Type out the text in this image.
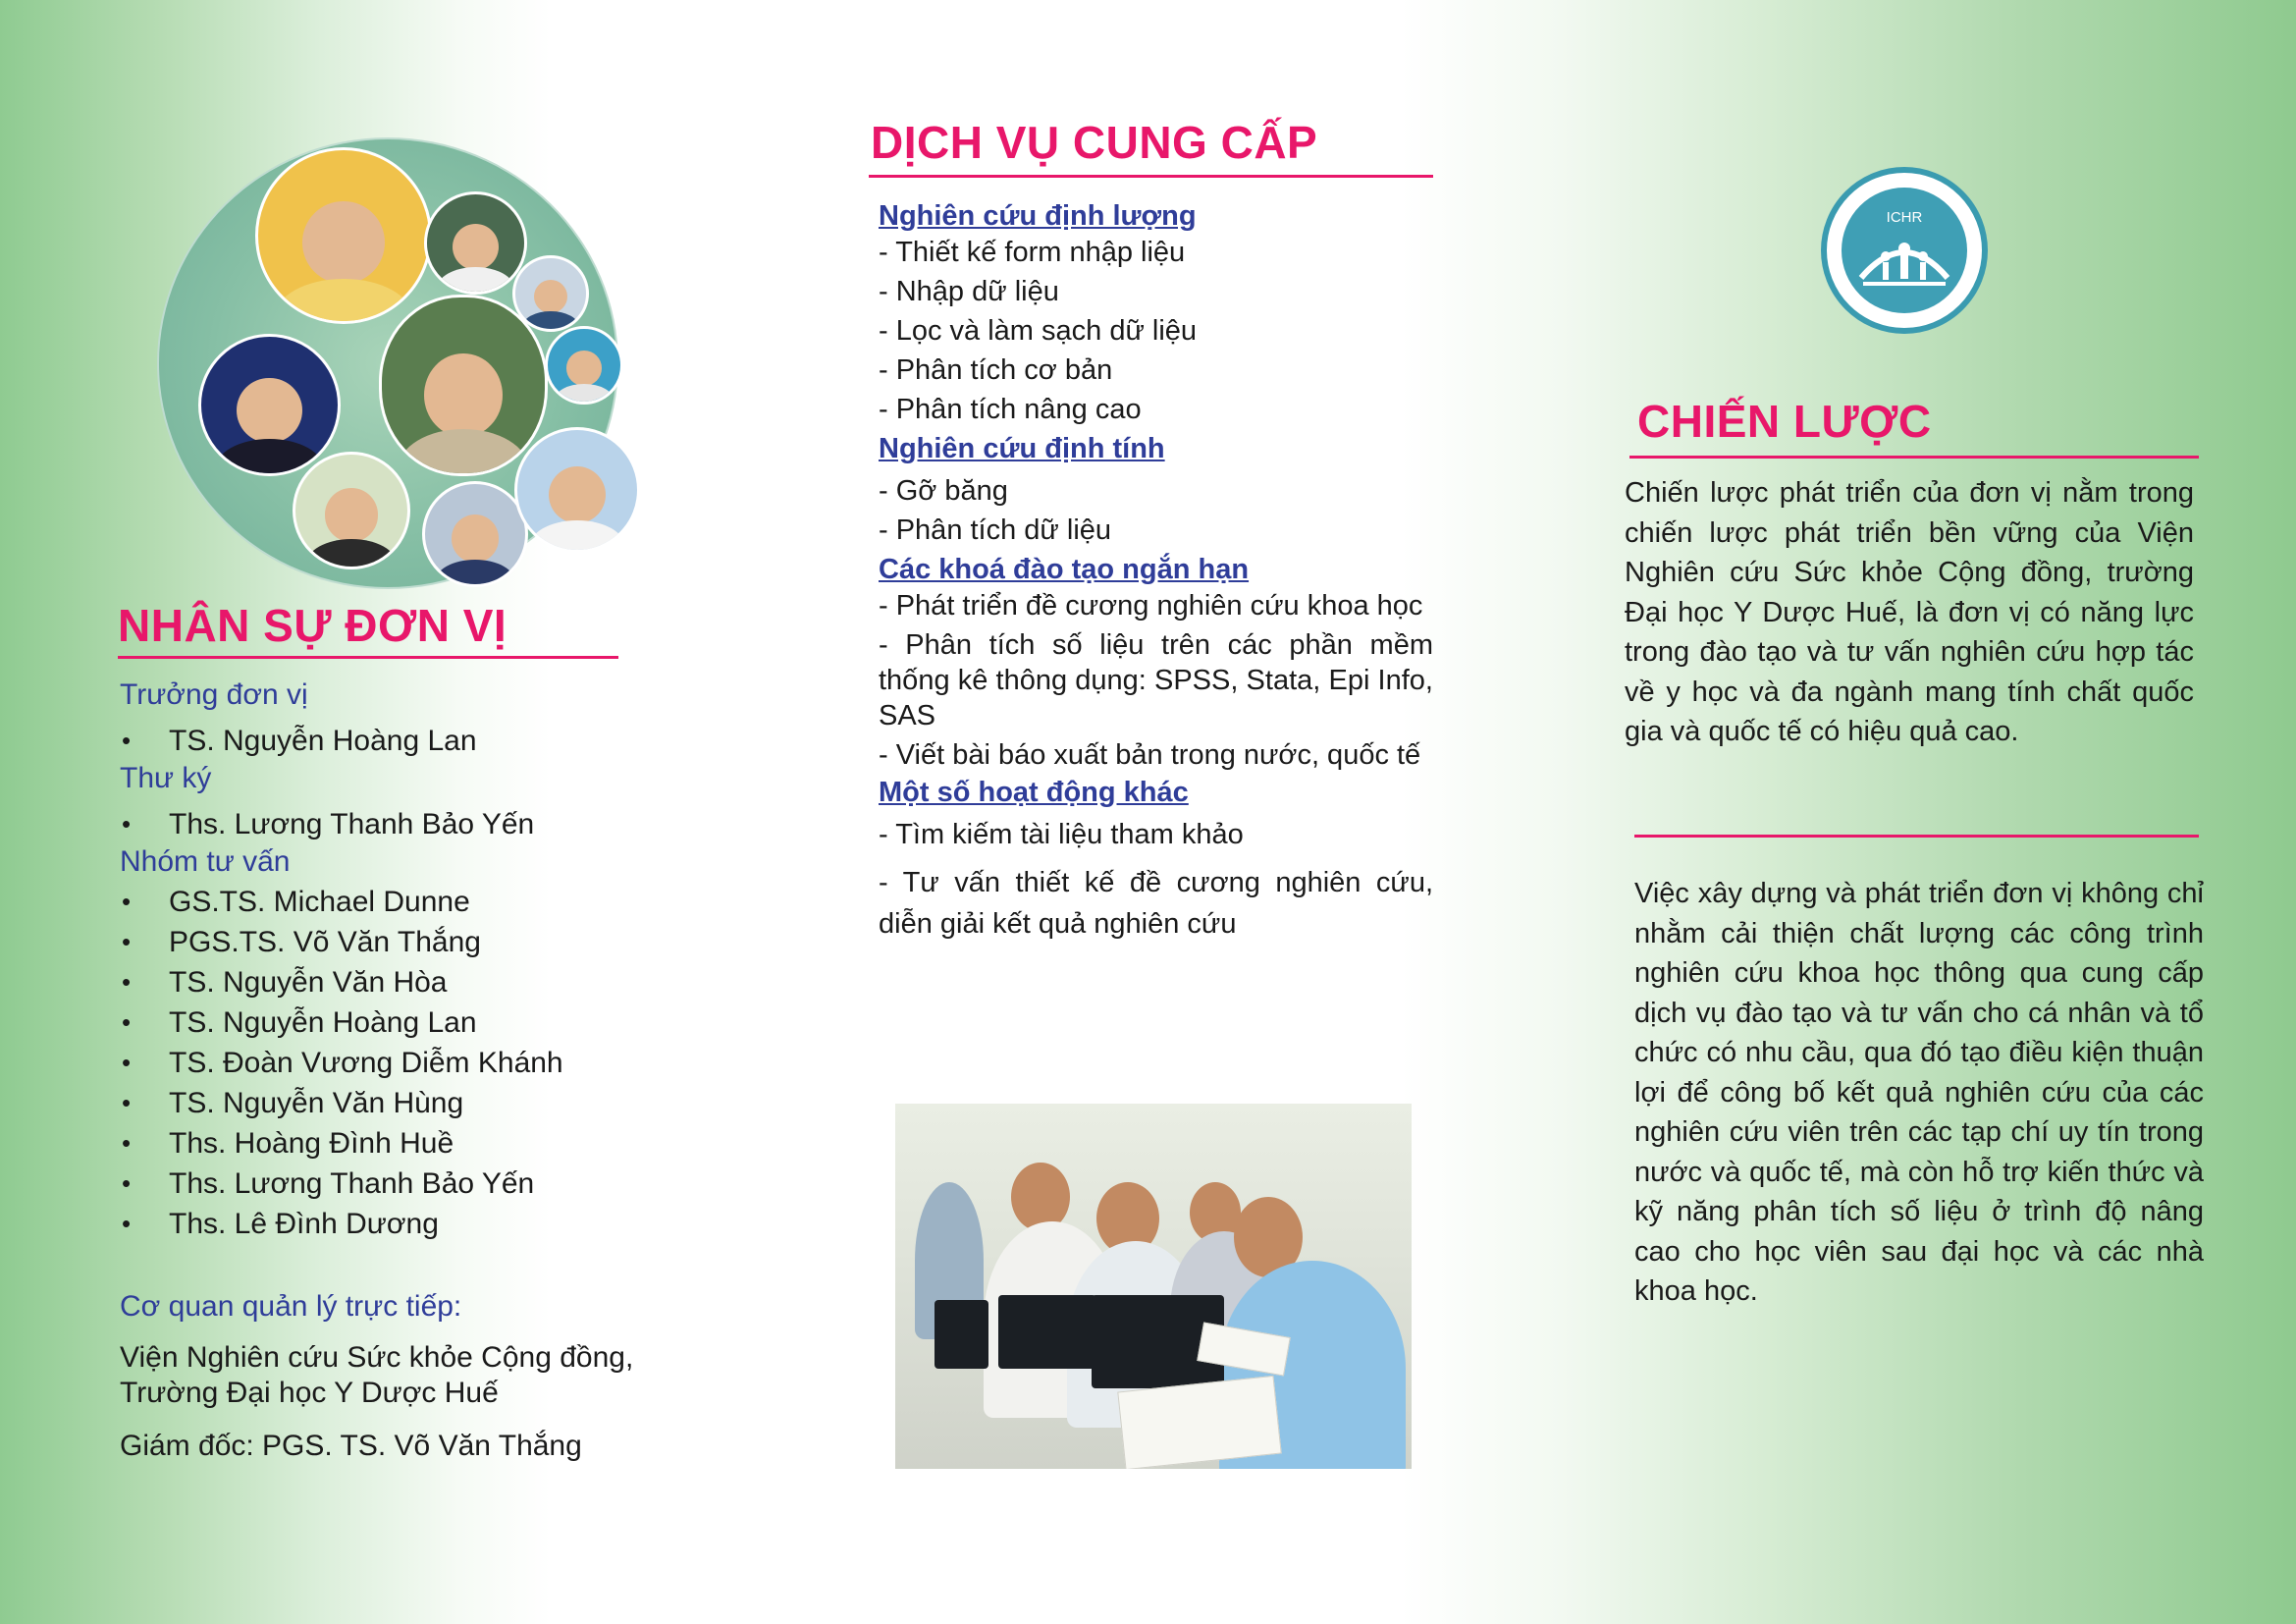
NHÂN SỰ ĐƠN VỊ
Trưởng đơn vị
• TS. Nguyễn Hoàng Lan
Thư ký
• Ths. Lương Thanh Bảo Yến
Nhóm tư vấn
• GS.TS. Michael Dunne
• PGS.TS. Võ Văn Thắng
• TS. Nguyễn Văn Hòa
• TS. Nguyễn Hoàng Lan
• TS. Đoàn Vương Diễm Khánh
• TS. Nguyễn Văn Hùng
• Ths. Hoàng Đình Huề
• Ths. Lương Thanh Bảo Yến
• Ths. Lê Đình Dương
Cơ quan quản lý trực tiếp:
Viện Nghiên cứu Sức khỏe Cộng đồng,
Trường Đại học Y Dược Huế
Giám đốc: PGS. TS. Võ Văn Thắng
DỊCH VỤ CUNG CẤP
Nghiên cứu định lượng
- Thiết kế form nhập liệu
- Nhập dữ liệu
- Lọc và làm sạch dữ liệu
- Phân tích cơ bản
- Phân tích nâng cao
Nghiên cứu định tính
- Gỡ băng
- Phân tích dữ liệu
Các khoá đào tạo ngắn hạn
- Phát triển đề cương nghiên cứu khoa học
- Phân tích số liệu trên các phần mềm thống kê thông dụng: SPSS, Stata, Epi Info, SAS
- Viết bài báo xuất bản trong nước, quốc tế
Một số hoạt động khác
- Tìm kiếm tài liệu tham khảo
- Tư vấn thiết kế đề cương nghiên cứu, diễn giải kết quả nghiên cứu
ICHR
CHIẾN LƯỢC
Chiến lược phát triển của đơn vị nằm trong chiến lược phát triển bền vững của Viện Nghiên cứu Sức khỏe Cộng đồng, trường Đại học Y Dược Huế, là đơn vị có năng lực trong đào tạo và tư vấn nghiên cứu hợp tác về y học và đa ngành mang tính chất quốc gia và quốc tế có hiệu quả cao.
Việc xây dựng và phát triển đơn vị không chỉ nhằm cải thiện chất lượng các công trình nghiên cứu khoa học thông qua cung cấp dịch vụ đào tạo và tư vấn cho cá nhân và tổ chức có nhu cầu, qua đó tạo điều kiện thuận lợi để công bố kết quả nghiên cứu của các nghiên cứu viên trên các tạp chí uy tín trong nước và quốc tế, mà còn hỗ trợ kiến thức và kỹ năng phân tích số liệu ở trình độ nâng cao cho học viên sau đại học và các nhà khoa học.
